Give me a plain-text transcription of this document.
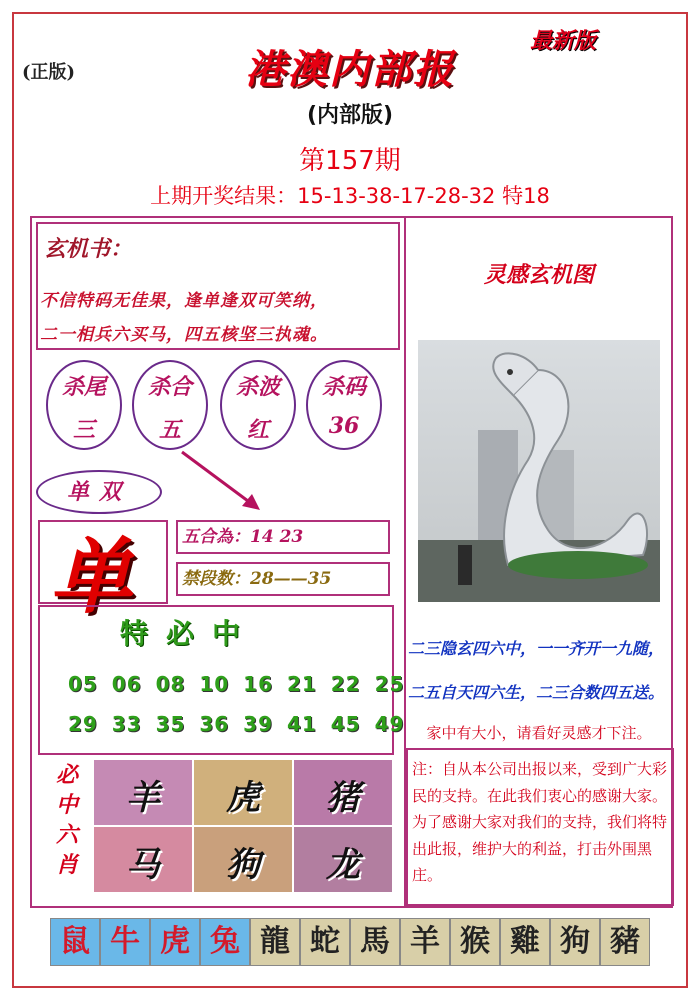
(正版)
最新版
港澳内部报
(内部版)
第157期
上期开奖结果：15-13-38-17-28-32 特18
玄机书：
不信特码无佳果，逢单逢双可笑纳，
二一相兵六买马，四五核坚三执魂。
杀尾
三
杀合
五
杀波
红
杀码
36
单双
单	五合為：14 23
禁段数：28——35
特必中
05 06 08 10 16 21 22 25
29 33 35 36 39 41 45 49
必中六肖
羊	虎	猪
马	狗	龙
灵感玄机图
二三隐玄四六中，一一齐开一九随，
二五自天四六生，二三合数四五送。
家中有大小，请看好灵感才下注。
注：自从本公司出报以来，受到广大彩民的支持。在此我们衷心的感谢大家。为了感谢大家对我们的支持，我们将特出此报，维护大的利益，打击外围黑庄。
鼠 牛 虎 兔 龍 蛇 馬 羊 猴 雞 狗 豬
